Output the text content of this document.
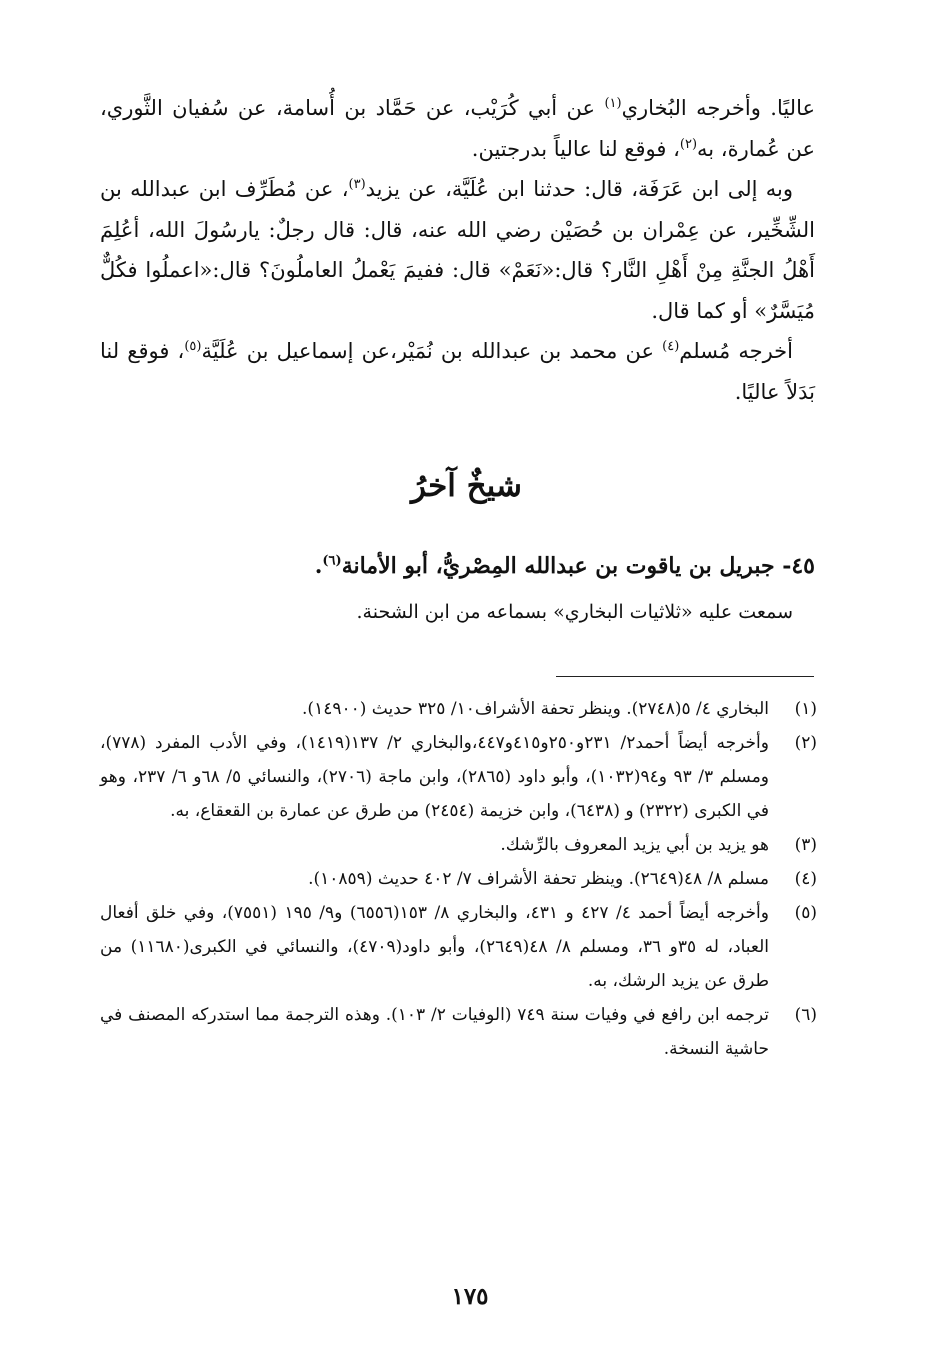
عاليًا. وأخرجه البُخاري$^{(١)}$ عن أبي كُرَيْب، عن حَمَّاد بن أُسامة، عن سُفيان الثَّوري، عن عُمارة، به$^{(٢)}$، فوقع لنا عالياً بدرجتين.

وبه إلى ابن عَرَفَة، قال: حدثنا ابن عُلَيَّة، عن يزيد$^{(٣)}$، عن مُطَرِّف ابن عبدالله بن الشِّخِّير، عن عِمْران بن حُصَيْن رضي الله عنه، قال: قال رجلٌ: يارسُولَ الله، أعُلِمَ أَهْلُ الجنَّةِ مِنْ أَهْلِ النَّار؟ قال:«نَعَمْ» قال: ففيمَ يَعْملُ العاملُونَ؟ قال:«اعملُوا فكُلٌّ مُيَسَّرٌ» أو كما قال.

أخرجه مُسلم$^{(٤)}$ عن محمد بن عبدالله بن نُمَيْر،عن إسماعيل بن عُلَيَّة$^{(٥)}$، فوقع لنا بَدَلاً عاليًا.

شيخٌ آخرُ

٤٥- جبريل بن ياقوت بن عبدالله المِصْريُّ، أبو الأمانة$^{(٦)}$.

سمعت عليه «ثلاثيات البخاري» بسماعه من ابن الشحنة.

(١)
البخاري ٤/ ٥(٢٧٤٨). وينظر تحفة الأشراف١٠/ ٣٢٥ حديث (١٤٩٠٠).
(٢)
وأخرجه أيضاً أحمد٢/ ٢٣١و٢٥٠و٤١٥و٤٤٧،والبخاري ٢/ ١٣٧(١٤١٩)، وفي الأدب المفرد (٧٧٨)، ومسلم ٣/ ٩٣ و٩٤(١٠٣٢)، وأبو داود (٢٨٦٥)، وابن ماجة (٢٧٠٦)، والنسائي ٥/ ٦٨و ٦/ ٢٣٧، وهو في الكبرى (٢٣٢٢) و (٦٤٣٨)، وابن خزيمة (٢٤٥٤) من طرق عن عمارة بن القعقاع، به.
(٣)
هو يزيد بن أبي يزيد المعروف بالرِّشك.
(٤)
مسلم ٨/ ٤٨(٢٦٤٩). وينظر تحفة الأشراف ٧/ ٤٠٢ حديث (١٠٨٥٩).
(٥)
وأخرجه أيضاً أحمد ٤/ ٤٢٧ و ٤٣١، والبخاري ٨/ ١٥٣(٦٥٥٦) و٩/ ١٩٥ (٧٥٥١)، وفي خلق أفعال العباد، له ٣٥و ٣٦، ومسلم ٨/ ٤٨(٢٦٤٩)، وأبو داود(٤٧٠٩)، والنسائي في الكبرى(١١٦٨٠) من طرق عن يزيد الرشك، به.
(٦)
ترجمه ابن رافع في وفيات سنة ٧٤٩ (الوفيات ٢/ ١٠٣). وهذه الترجمة مما استدركه المصنف في حاشية النسخة.
١٧٥
